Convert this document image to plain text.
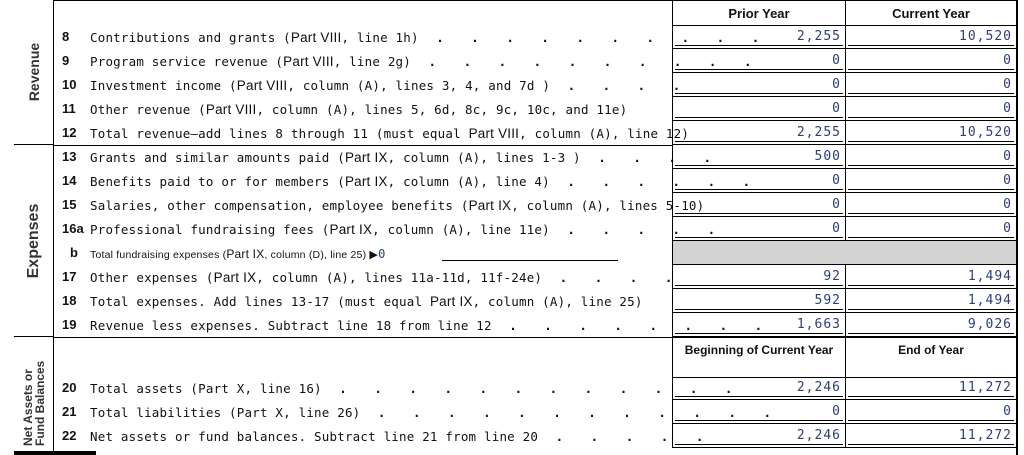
Revenue
Expenses
Net Assets or Fund Balances
Prior Year	Current Year
8 Contributions and grants (Part VIII, line 1h) . . . . . . . . . . 2,255	10,520
9 Program service revenue (Part VIII, line 2g) . . . . . . . . . .	0	0
10 Investment income (Part VIII, column (A), lines 3, 4, and 7d ) . . . .	0	0
11 Other revenue (Part VIII, column (A), lines 5, 6d, 8c, 9c, 10c, and 11e)	0	0
12 Total revenue—add lines 8 through 11 (must equal Part VIII, column (A), line 12)	2,255	10,520
13 Grants and similar amounts paid (Part IX, column (A), lines 1-3 ) . . . .	500	0
14 Benefits paid to or for members (Part IX, column (A), line 4) . . . . . .	0	0
15 Salaries, other compensation, employee benefits (Part IX, column (A), lines 5-10)	0	0
16a Professional fundraising fees (Part IX, column (A), line 11e) . . . . .	0	0
b Total fundraising expenses (Part IX, column (D), line 25) ▶0
17 Other expenses (Part IX, column (A), lines 11a-11d, 11f-24e) . . . .	92	1,494
18 Total expenses. Add lines 13-17 (must equal Part IX, column (A), line 25)	592	1,494
19 Revenue less expenses. Subtract line 18 from line 12 . . . . . . . . 1,663	9,026
Beginning of Current Year	End of Year
20 Total assets (Part X, line 16) . . . . . . . . . . . .	2,246	11,272
21 Total liabilities (Part X, line 26) . . . . . . . . . . . .	0	0
22 Net assets or fund balances. Subtract line 21 from line 20 . . . . .	2,246	11,272
